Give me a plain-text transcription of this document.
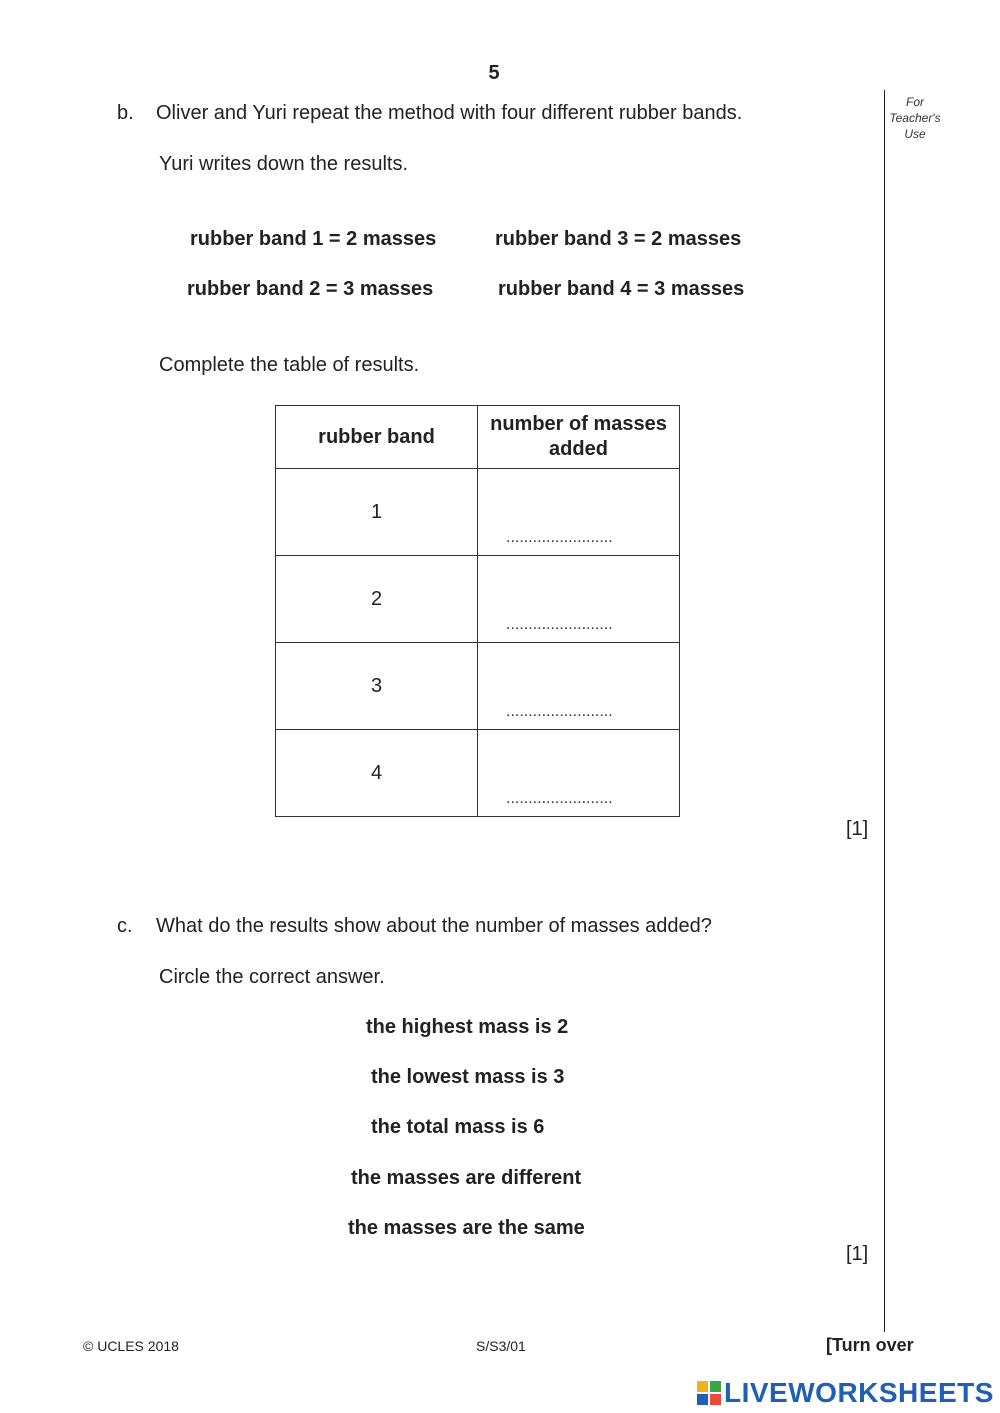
5
For
Teacher's
Use
b. Oliver and Yuri repeat the method with four different rubber bands.
Yuri writes down the results.
rubber band 1 = 2 masses	rubber band 3 = 2 masses
rubber band 2 = 3 masses	rubber band 4 = 3 masses
Complete the table of results.
rubber band	number of masses added
1	........................

2	........................

3	........................

4	........................
[1]
c. What do the results show about the number of masses added?
Circle the correct answer.
the highest mass is 2
the lowest mass is 3
the total mass is 6
the masses are different
the masses are the same
[1]
© UCLES 2018	S/S3/01	[Turn over
LIVEWORKSHEETS
